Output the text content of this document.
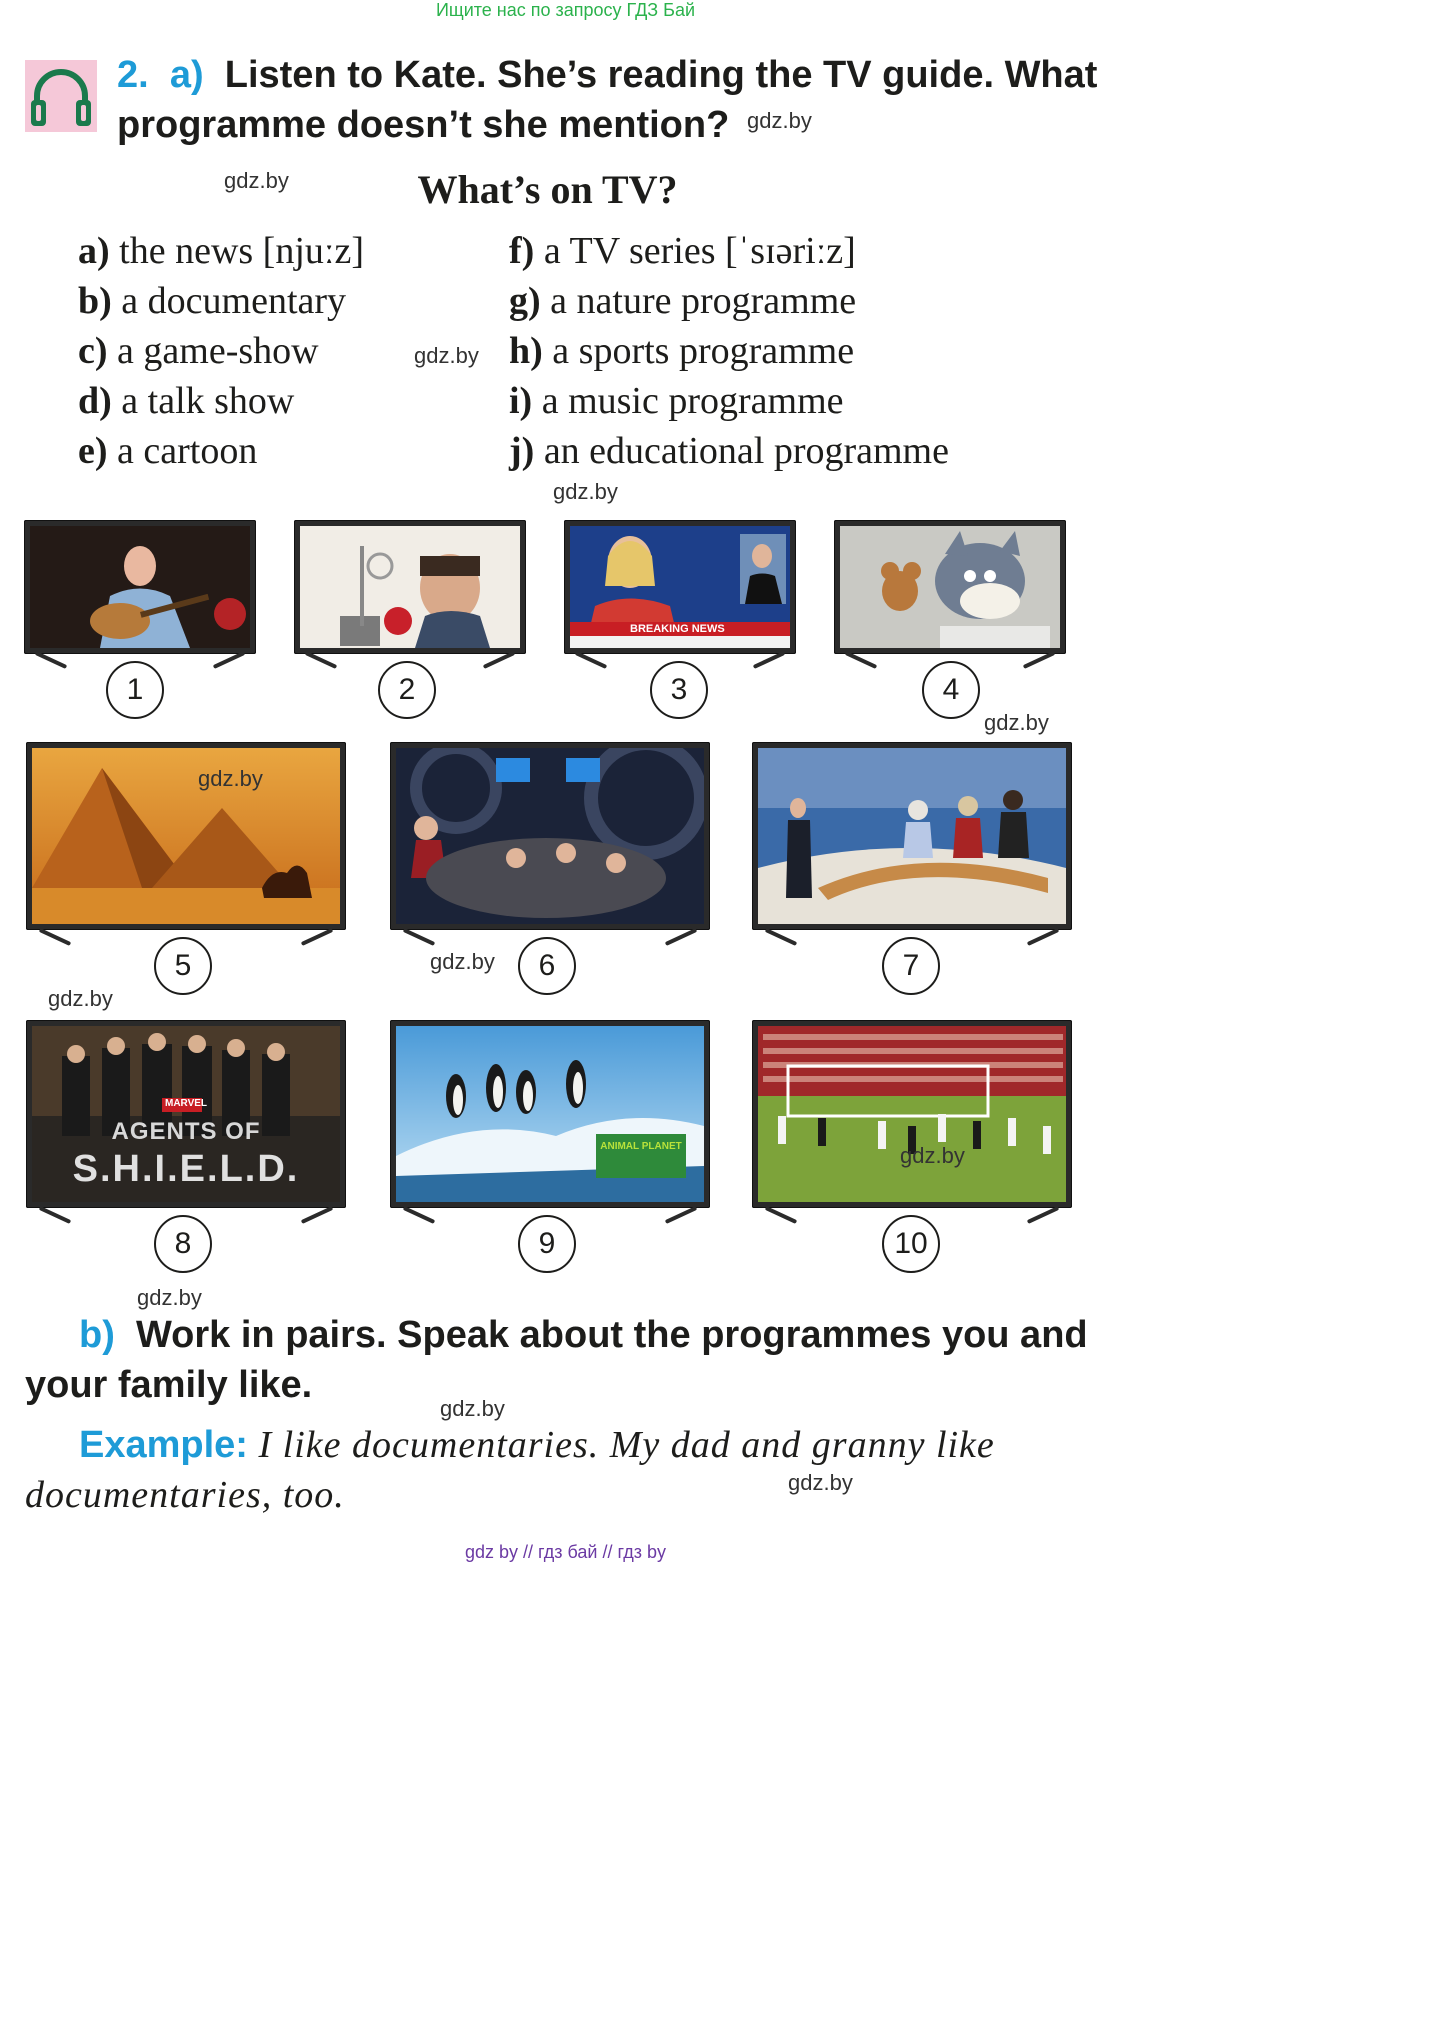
Ищите нас по запросу ГДЗ Бай
2. a) Listen to Kate. She’s reading the TV guide. What programme doesn’t she mention? gdz.by
gdz.by	What’s on TV?
a) the news [njuːz]
b) a documentary
c) a game-show
d) a talk show
e) a cartoon
gdz.by
f) a TV series [ˈsɪəriːz]
g) a nature programme
h) a sports programme
i) a music programme
j) an educational programme
gdz.by
1	2
BREAKING NEWS
3	4
gdz.by
gdz.by
5	gdz.by	6	7
gdz.by
MARVEL
AGENTS OF
S.H.I.E.L.D.
8
ANIMAL PLANET
9
gdz.by
10
gdz.by
b) Work in pairs. Speak about the programmes you and your family like.
gdz.by
Example: I like documentaries. My dad and granny like documentaries, too.	gdz.by
gdz by // гдз бай // гдз by
